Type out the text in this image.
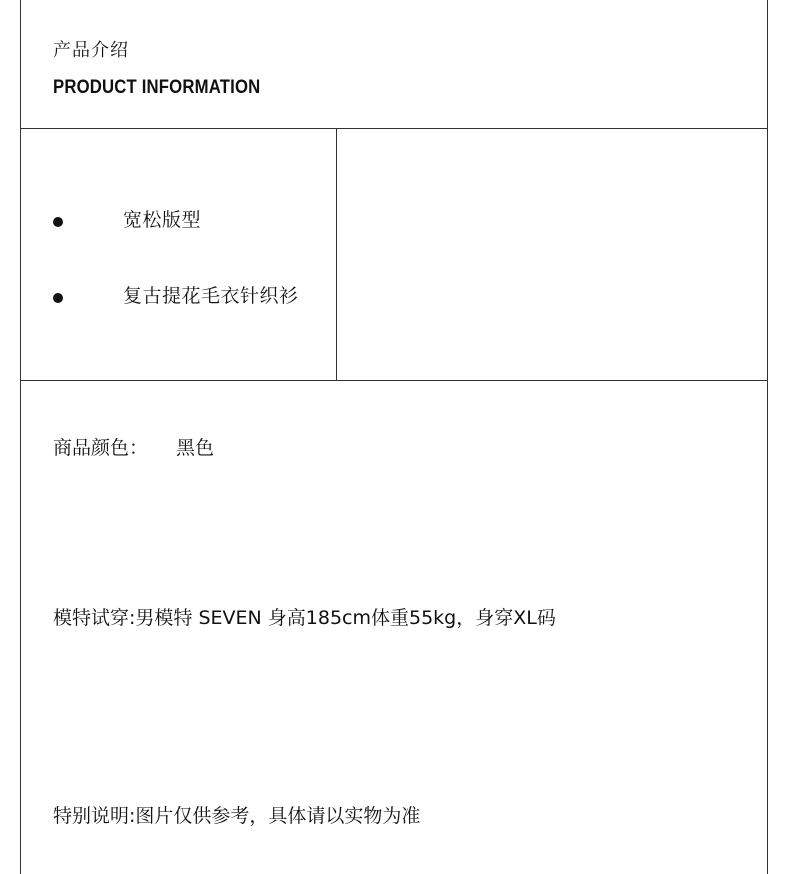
产品介绍
PRODUCT INFORMATION
宽松版型
复古提花毛衣针织衫
商品颜色： 黑色
模特试穿:男模特 SEVEN 身高185cm体重55kg，身穿XL码
特别说明:图片仅供参考，具体请以实物为准
